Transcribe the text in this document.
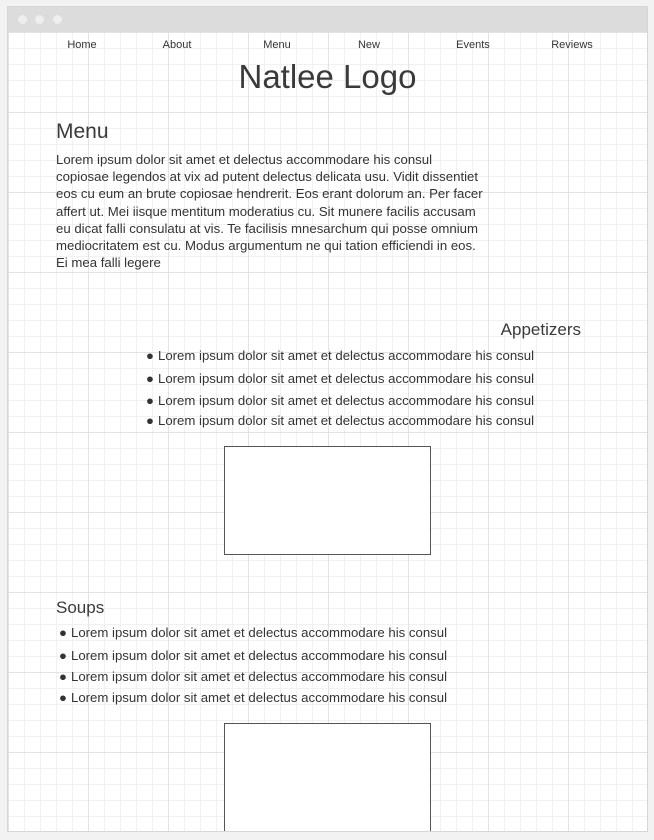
Home	About	Menu	New	Events	Reviews
Natlee Logo
Menu
Lorem ipsum dolor sit amet et delectus accommodare his consul copiosae legendos at vix ad putent delectus delicata usu. Vidit dissentiet eos cu eum an brute copiosae hendrerit. Eos erant dolorum an. Per facer affert ut. Mei iisque mentitum moderatius cu. Sit munere facilis accusam eu dicat falli consulatu at vis. Te facilisis mnesarchum qui posse omnium mediocritatem est cu. Modus argumentum ne qui tation efficiendi in eos. Ei mea falli legere
Appetizers
● Lorem ipsum dolor sit amet et delectus accommodare his consul
● Lorem ipsum dolor sit amet et delectus accommodare his consul
● Lorem ipsum dolor sit amet et delectus accommodare his consul
● Lorem ipsum dolor sit amet et delectus accommodare his consul
Soups
● Lorem ipsum dolor sit amet et delectus accommodare his consul
● Lorem ipsum dolor sit amet et delectus accommodare his consul
● Lorem ipsum dolor sit amet et delectus accommodare his consul
● Lorem ipsum dolor sit amet et delectus accommodare his consul
